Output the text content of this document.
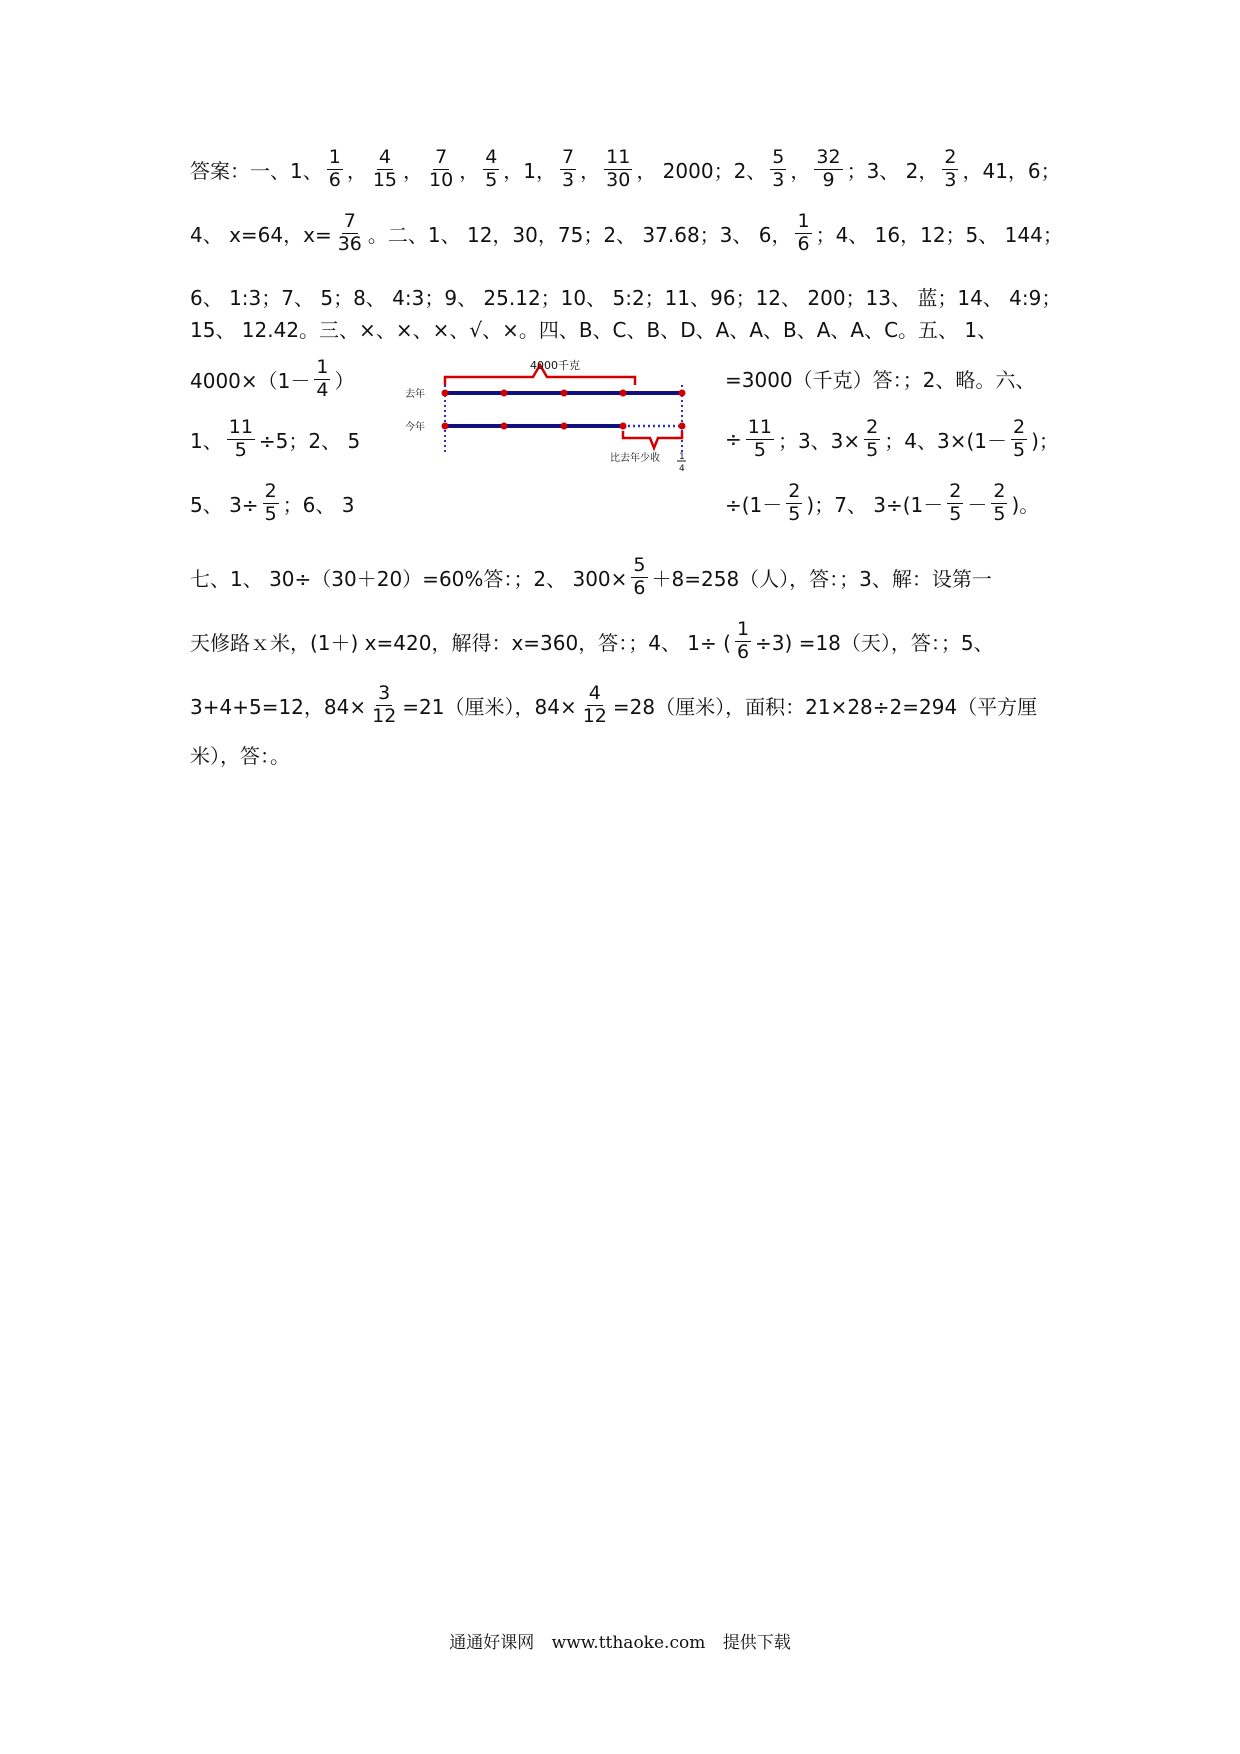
答案：一、1、 $\frac{1}{6}$ ， $\frac{4}{15}$ ， $\frac{7}{10}$ ， $\frac{4}{5}$ ，1， $\frac{7}{3}$ ， $\frac{11}{30}$ ， 2000；2、 $\frac{5}{3}$ ， $\frac{32}{9}$ ；3、 2， $\frac{2}{3}$ ，41，6；
4、 x=64，$x= \frac{7}{36}$ 。二、1、 12，30，75；2、 37.68；3、 6， $\frac{1}{6}$ ；4、 16，12；5、 144；
6、 1:3；7、 5；8、 4:3；9、 25.12；10、 5:2；11、96；12、 200；13、 蓝；14、 4:9；
15、 12.42。三、×、×、×、√、×。四、B、C、B、D、A、A、B、A、A、C。五、 1、
$4000\times(1- \frac{1}{4}$ ）	=3000（千克）答：；2、略。六、
1、 $\frac{11}{5} \div 5$；2、 5	÷ $\frac{11}{5}$ ；3、$3\times \frac{2}{5}$ ；4、$3\times(1- \frac{2}{5}$ )；
5、 $3\div \frac{2}{5}$ ；6、 3	$\div(1- \frac{2}{5}$ )；7、 $3\div(1- \frac{2}{5} - \frac{2}{5}$ )。
七、1、 30÷（30＋20）=60%答：；2、 $300\times \frac{5}{6} +8=258$（人），答：；3、解：设第一
天修路ｘ米，(1＋) x=420，解得：x=360，答：；4、 1÷ ( $\frac{1}{6} \div 3) =18$（天），答：；5、
3+4+5=12，$84\times \frac{3}{12} =21$（厘米），$84\times \frac{4}{12} =28$（厘米），面积：21×28÷2=294（平方厘
米），答：。
4000千克
去年
今年
比去年少收 1
4
通通好课网 www.tthaoke.com 提供下载
